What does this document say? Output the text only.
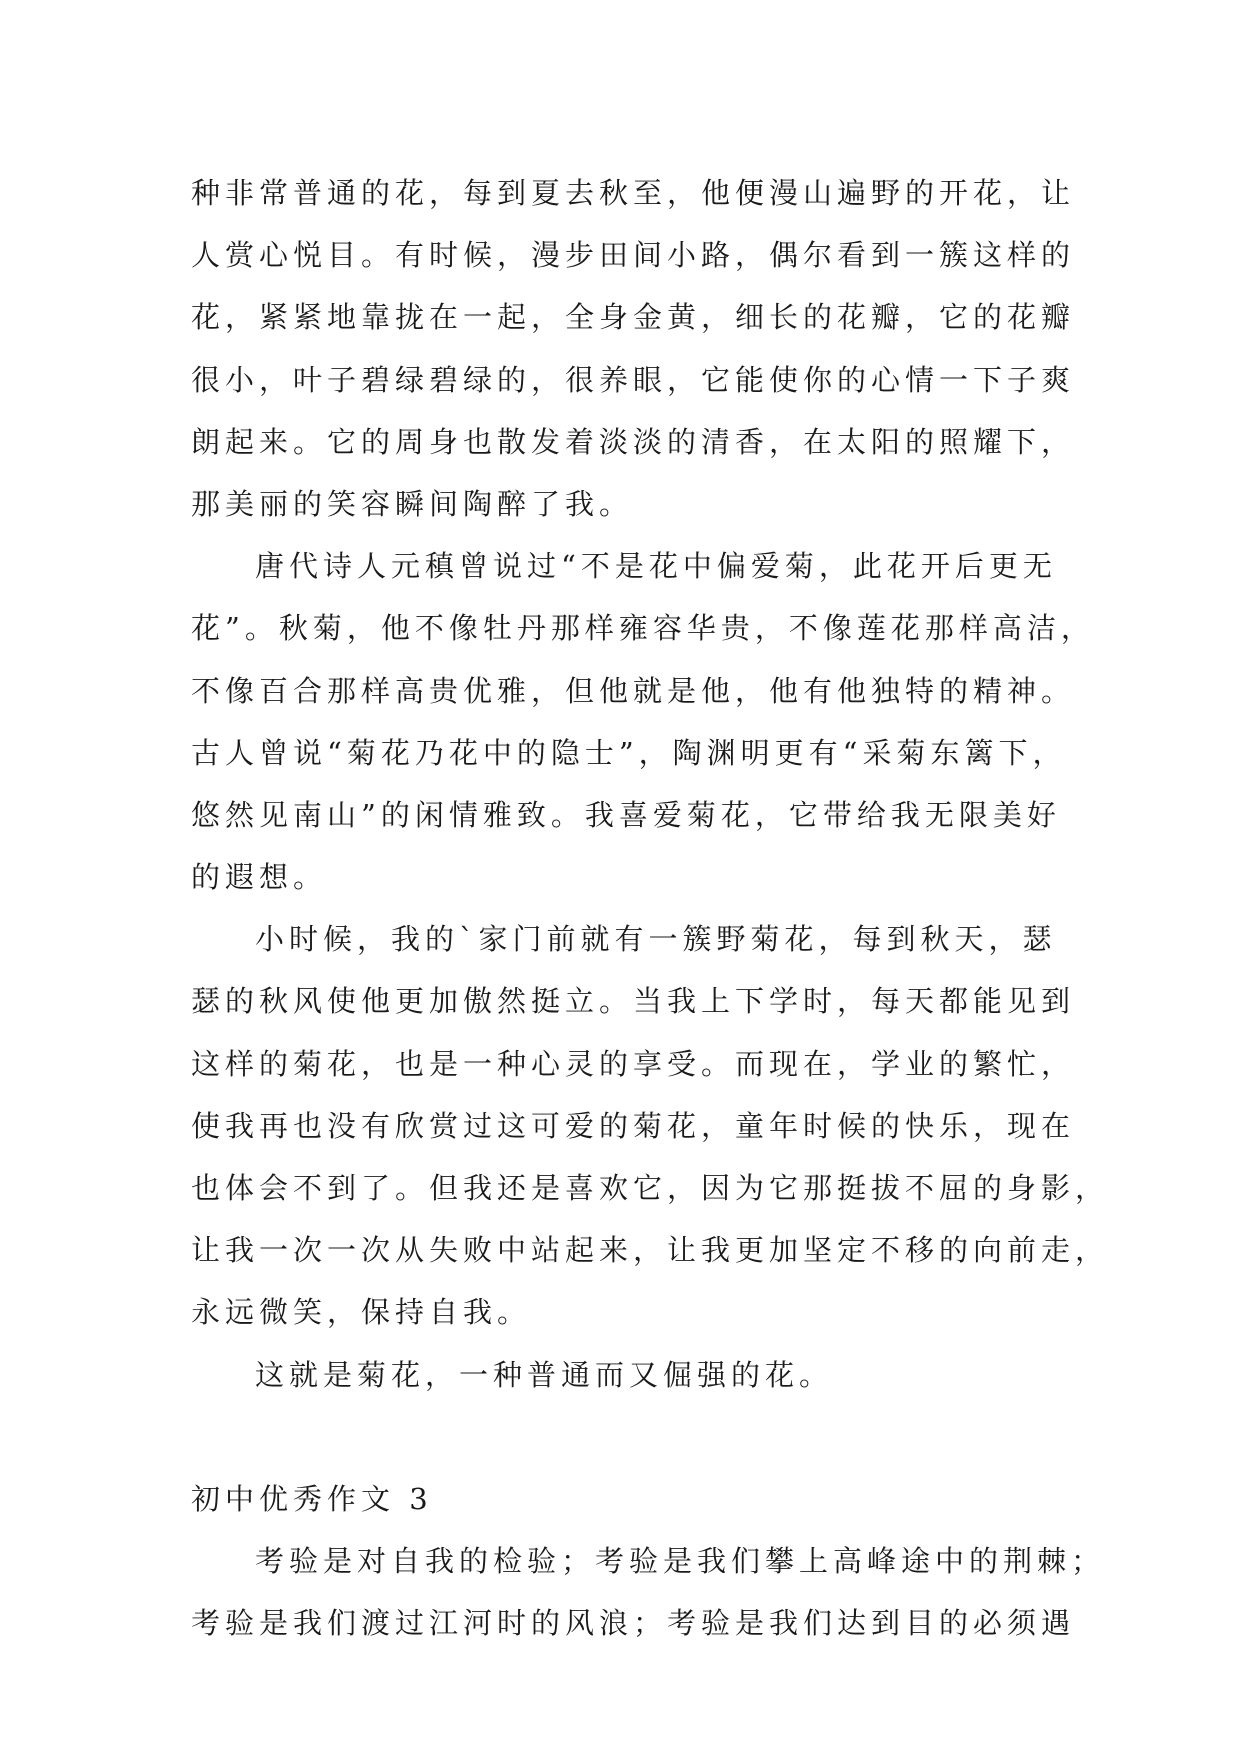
种非常普通的花，每到夏去秋至，他便漫山遍野的开花，让

人赏心悦目。有时候，漫步田间小路，偶尔看到一簇这样的

花，紧紧地靠拢在一起，全身金黄，细长的花瓣，它的花瓣

很小，叶子碧绿碧绿的，很养眼，它能使你的心情一下子爽

朗起来。它的周身也散发着淡淡的清香，在太阳的照耀下，

那美丽的笑容瞬间陶醉了我。

唐代诗人元稹曾说过“不是花中偏爱菊，此花开后更无

花”。秋菊，他不像牡丹那样雍容华贵，不像莲花那样高洁，

不像百合那样高贵优雅，但他就是他，他有他独特的精神。

古人曾说“菊花乃花中的隐士”，陶渊明更有“采菊东篱下，

悠然见南山”的闲情雅致。我喜爱菊花，它带给我无限美好

的遐想。

小时候，我的`家门前就有一簇野菊花，每到秋天，瑟

瑟的秋风使他更加傲然挺立。当我上下学时，每天都能见到

这样的菊花，也是一种心灵的享受。而现在，学业的繁忙，

使我再也没有欣赏过这可爱的菊花，童年时候的快乐，现在

也体会不到了。但我还是喜欢它，因为它那挺拔不屈的身影，

让我一次一次从失败中站起来，让我更加坚定不移的向前走，

永远微笑，保持自我。

这就是菊花，一种普通而又倔强的花。

初中优秀作文 3

考验是对自我的检验；考验是我们攀上高峰途中的荆棘；

考验是我们渡过江河时的风浪；考验是我们达到目的必须遇
